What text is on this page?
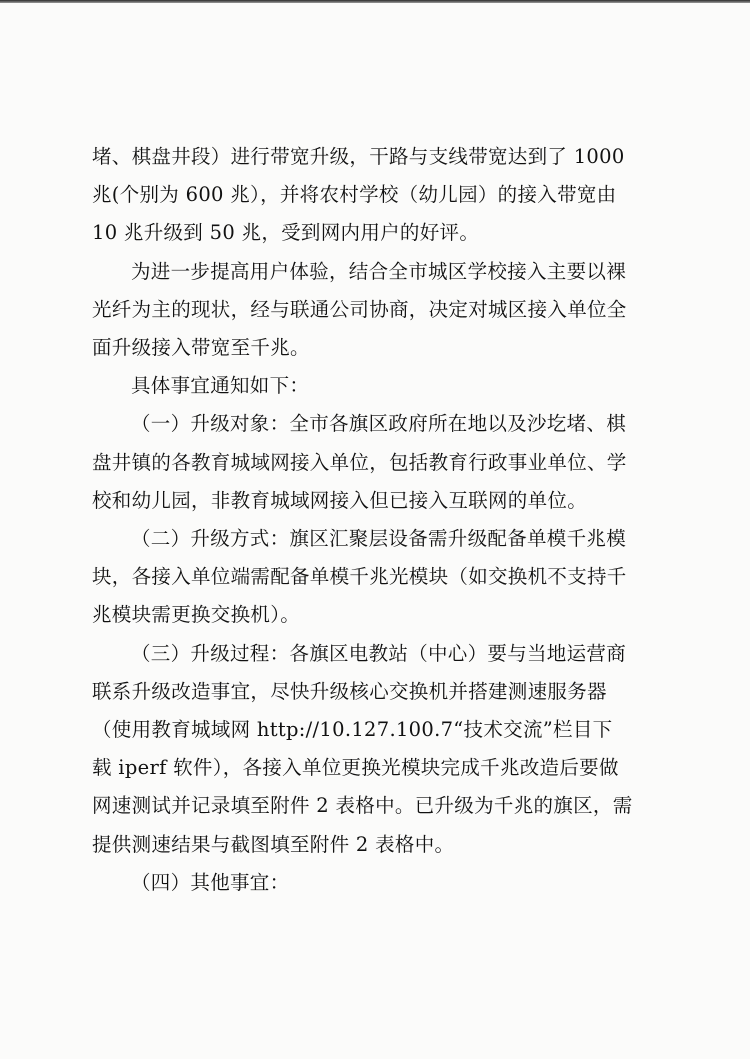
堵、棋盘井段）进行带宽升级，干路与支线带宽达到了 1000
兆(个别为 600 兆），并将农村学校（幼儿园）的接入带宽由
10 兆升级到 50 兆，受到网内用户的好评。
为进一步提高用户体验，结合全市城区学校接入主要以裸
光纤为主的现状，经与联通公司协商，决定对城区接入单位全
面升级接入带宽至千兆。
具体事宜通知如下：
（一）升级对象：全市各旗区政府所在地以及沙圪堵、棋
盘井镇的各教育城域网接入单位，包括教育行政事业单位、学
校和幼儿园，非教育城域网接入但已接入互联网的单位。
（二）升级方式：旗区汇聚层设备需升级配备单模千兆模
块，各接入单位端需配备单模千兆光模块（如交换机不支持千
兆模块需更换交换机）。
（三）升级过程：各旗区电教站（中心）要与当地运营商
联系升级改造事宜，尽快升级核心交换机并搭建测速服务器
（使用教育城域网 http://10.127.100.7“技术交流”栏目下
载 iperf 软件），各接入单位更换光模块完成千兆改造后要做
网速测试并记录填至附件 2 表格中。已升级为千兆的旗区，需
提供测速结果与截图填至附件 2 表格中。
（四）其他事宜：
